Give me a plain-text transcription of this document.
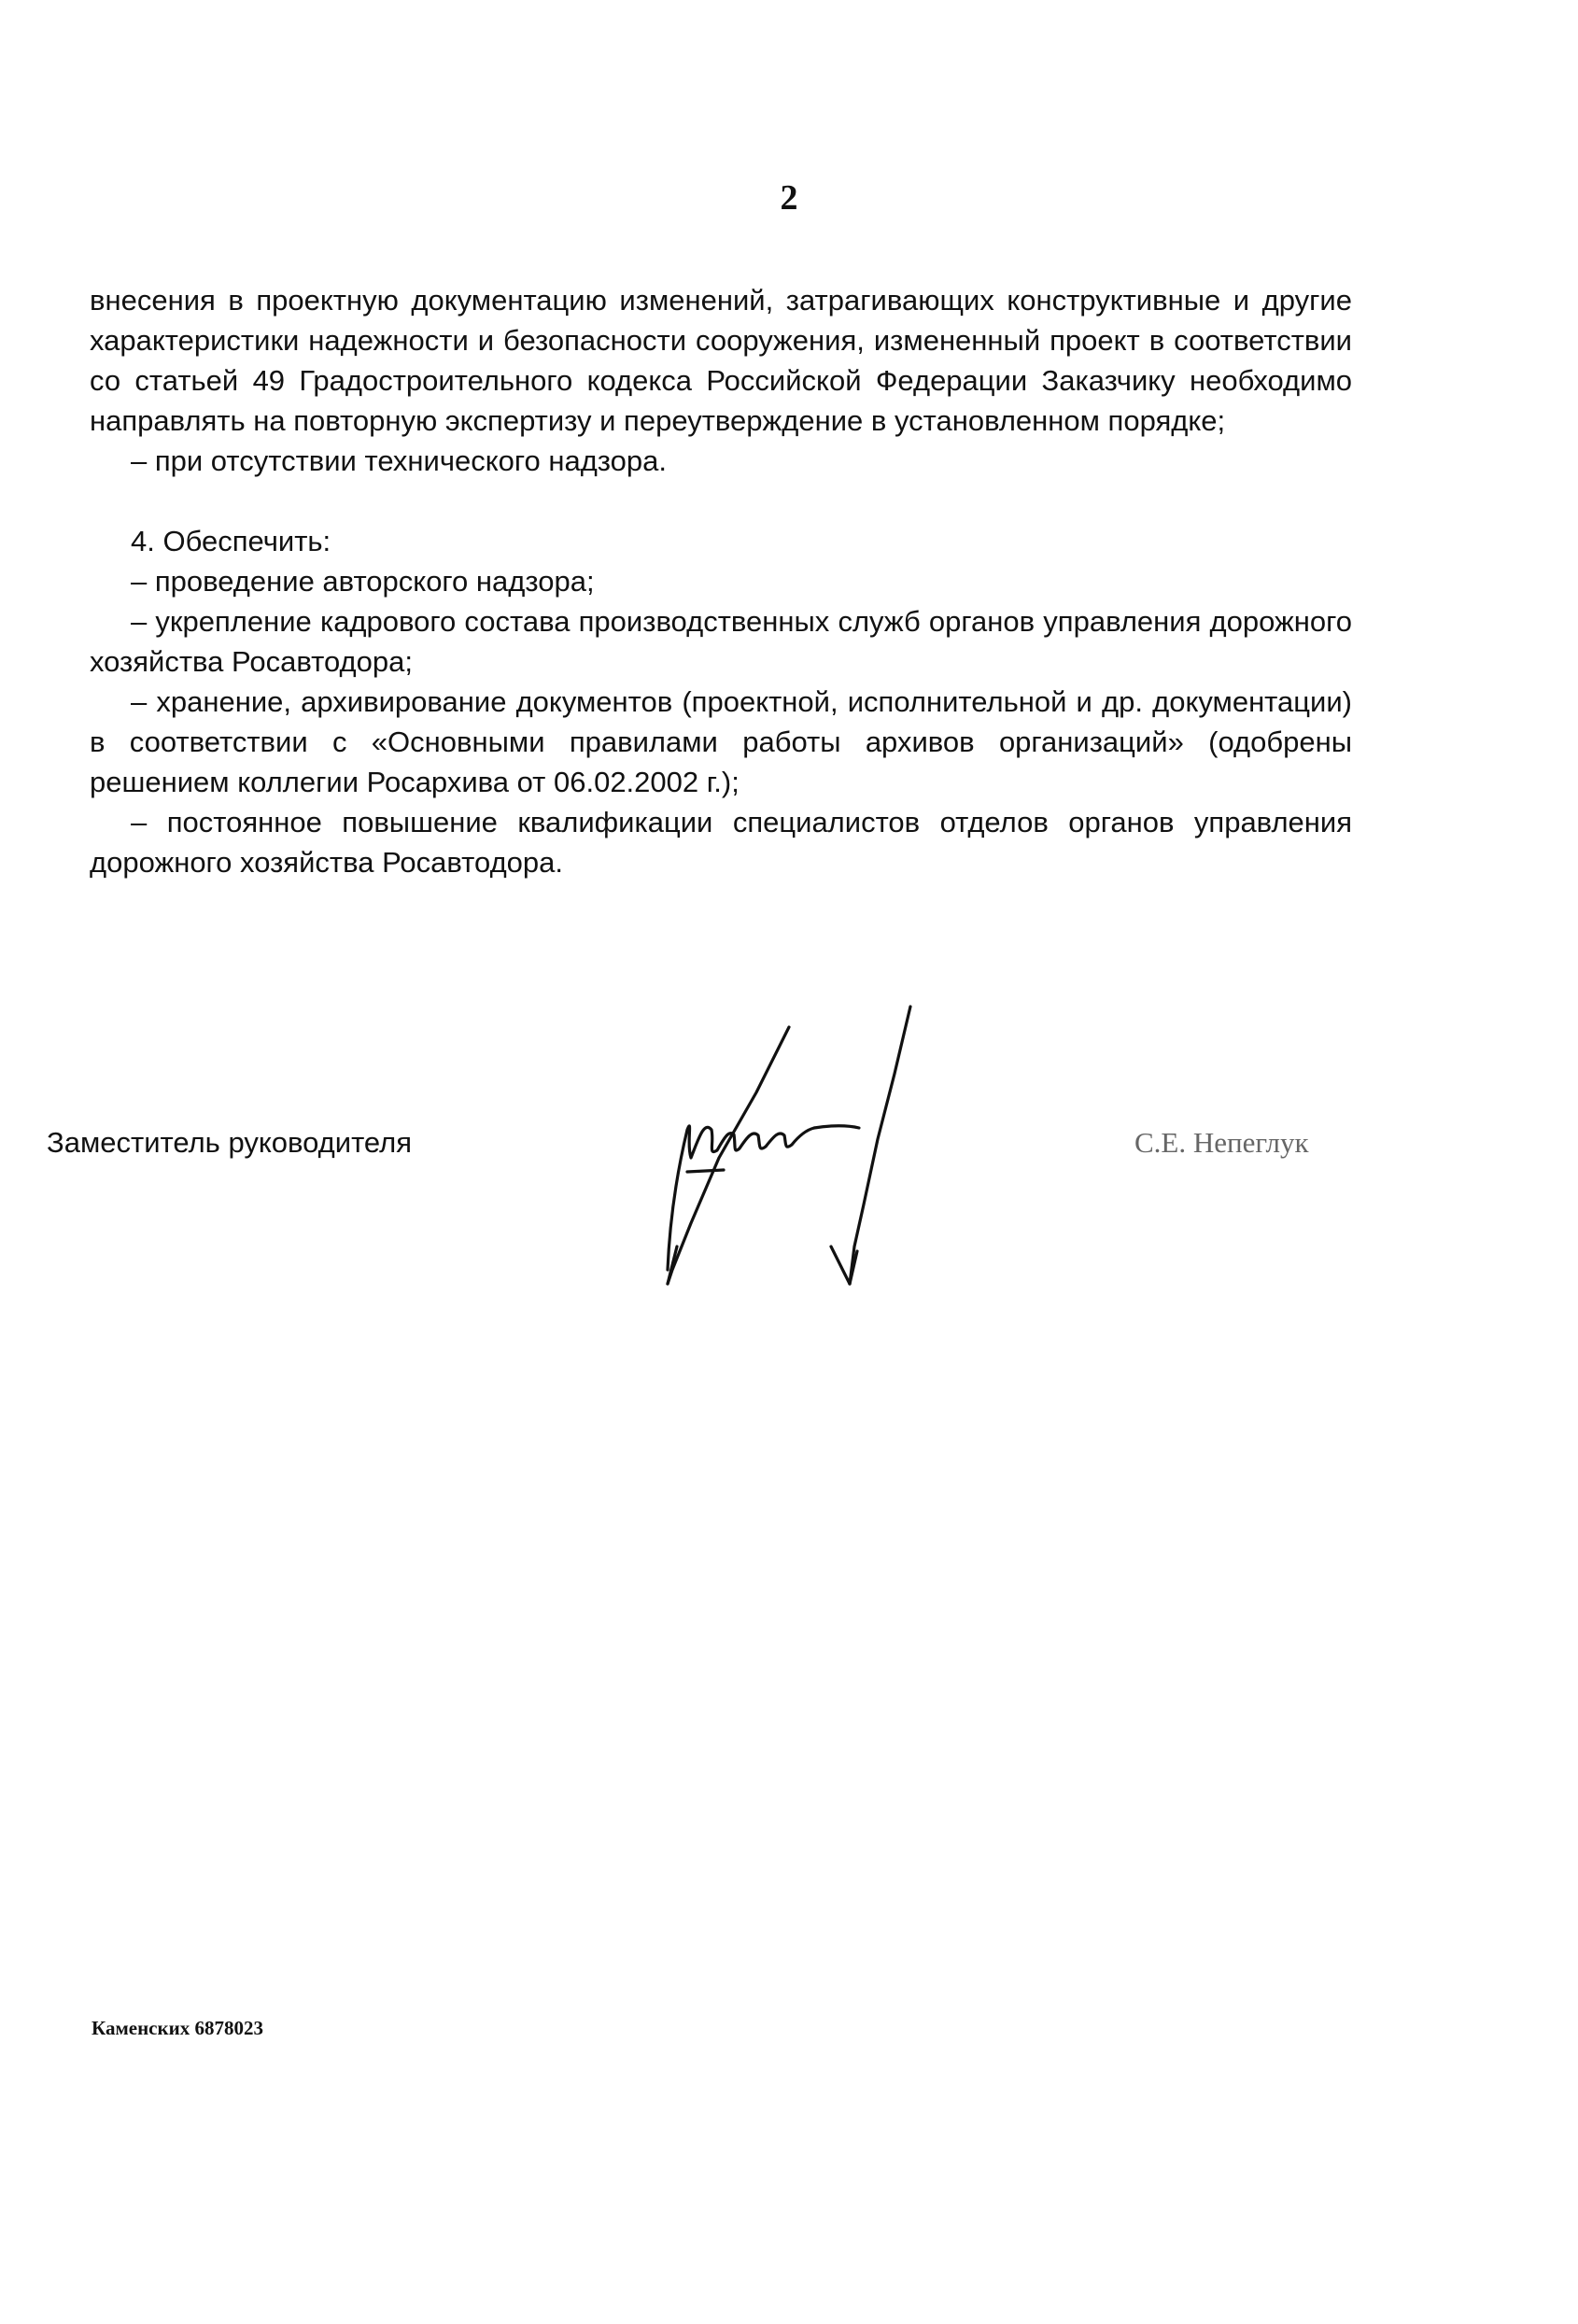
2

внесения в проектную документацию изменений, затрагивающих конструктивные и другие характеристики надежности и безопасности сооружения, измененный проект в соответствии со статьей 49 Градостроительного кодекса Российской Федерации Заказчику необходимо направлять на повторную экспертизу и переутверждение в установленном порядке;

– при отсутствии технического надзора.

4. Обеспечить:

– проведение авторского надзора;

– укрепление кадрового состава производственных служб органов управления дорожного хозяйства Росавтодора;

– хранение, архивирование документов (проектной, исполнительной и др. документации) в соответствии с «Основными правилами работы архивов организаций» (одобрены решением коллегии Росархива от 06.02.2002 г.);

– постоянное повышение квалификации специалистов отделов органов управления дорожного хозяйства Росавтодора.

Заместитель руководителя	С.Е. Непеглук
Каменских 6878023
